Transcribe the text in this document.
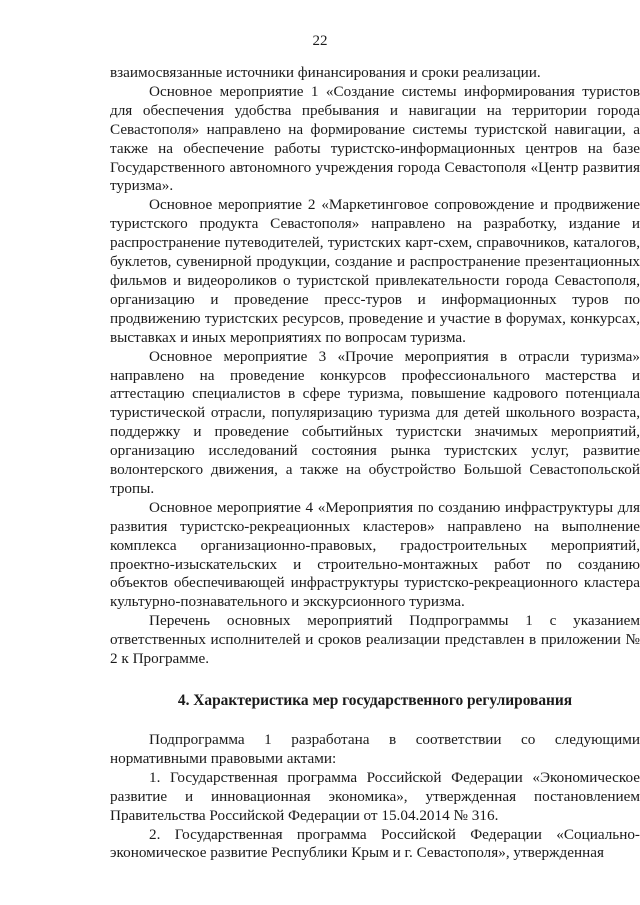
22

взаимосвязанные источники финансирования и сроки реализации.

Основное мероприятие 1 «Создание системы информирования туристов для обеспечения удобства пребывания и навигации на территории города Севастополя» направлено на формирование системы туристской навигации, а также на обеспечение работы туристско-информационных центров на базе Государственного автономного учреждения города Севастополя «Центр развития туризма».

Основное мероприятие 2 «Маркетинговое сопровождение и продвижение туристского продукта Севастополя» направлено на разработку, издание и распространение путеводителей, туристских карт-схем, справочников, каталогов, буклетов, сувенирной продукции, создание и распространение презентационных фильмов и видеороликов о туристской привлекательности города Севастополя, организацию и проведение пресс-туров и информационных туров по продвижению туристских ресурсов, проведение и участие в форумах, конкурсах, выставках и иных мероприятиях по вопросам туризма.

Основное мероприятие 3 «Прочие мероприятия в отрасли туризма» направлено на проведение конкурсов профессионального мастерства и аттестацию специалистов в сфере туризма, повышение кадрового потенциала туристической отрасли, популяризацию туризма для детей школьного возраста, поддержку и проведение событийных туристски значимых мероприятий, организацию исследований состояния рынка туристских услуг, развитие волонтерского движения, а также на обустройство Большой Севастопольской тропы.

Основное мероприятие 4 «Мероприятия по созданию инфраструктуры для развития туристско-рекреационных кластеров» направлено на выполнение комплекса организационно-правовых, градостроительных мероприятий, проектно-изыскательских и строительно-монтажных работ по созданию объектов обеспечивающей инфраструктуры туристско-рекреационного кластера культурно-познавательного и экскурсионного туризма.

Перечень основных мероприятий Подпрограммы 1 с указанием ответственных исполнителей и сроков реализации представлен в приложении № 2 к Программе.

4. Характеристика мер государственного регулирования

Подпрограмма 1 разработана в соответствии со следующими нормативными правовыми актами:

1. Государственная программа Российской Федерации «Экономическое развитие и инновационная экономика», утвержденная постановлением Правительства Российской Федерации от 15.04.2014 № 316.

2. Государственная программа Российской Федерации «Социально-экономическое развитие Республики Крым и г. Севастополя», утвержденная
